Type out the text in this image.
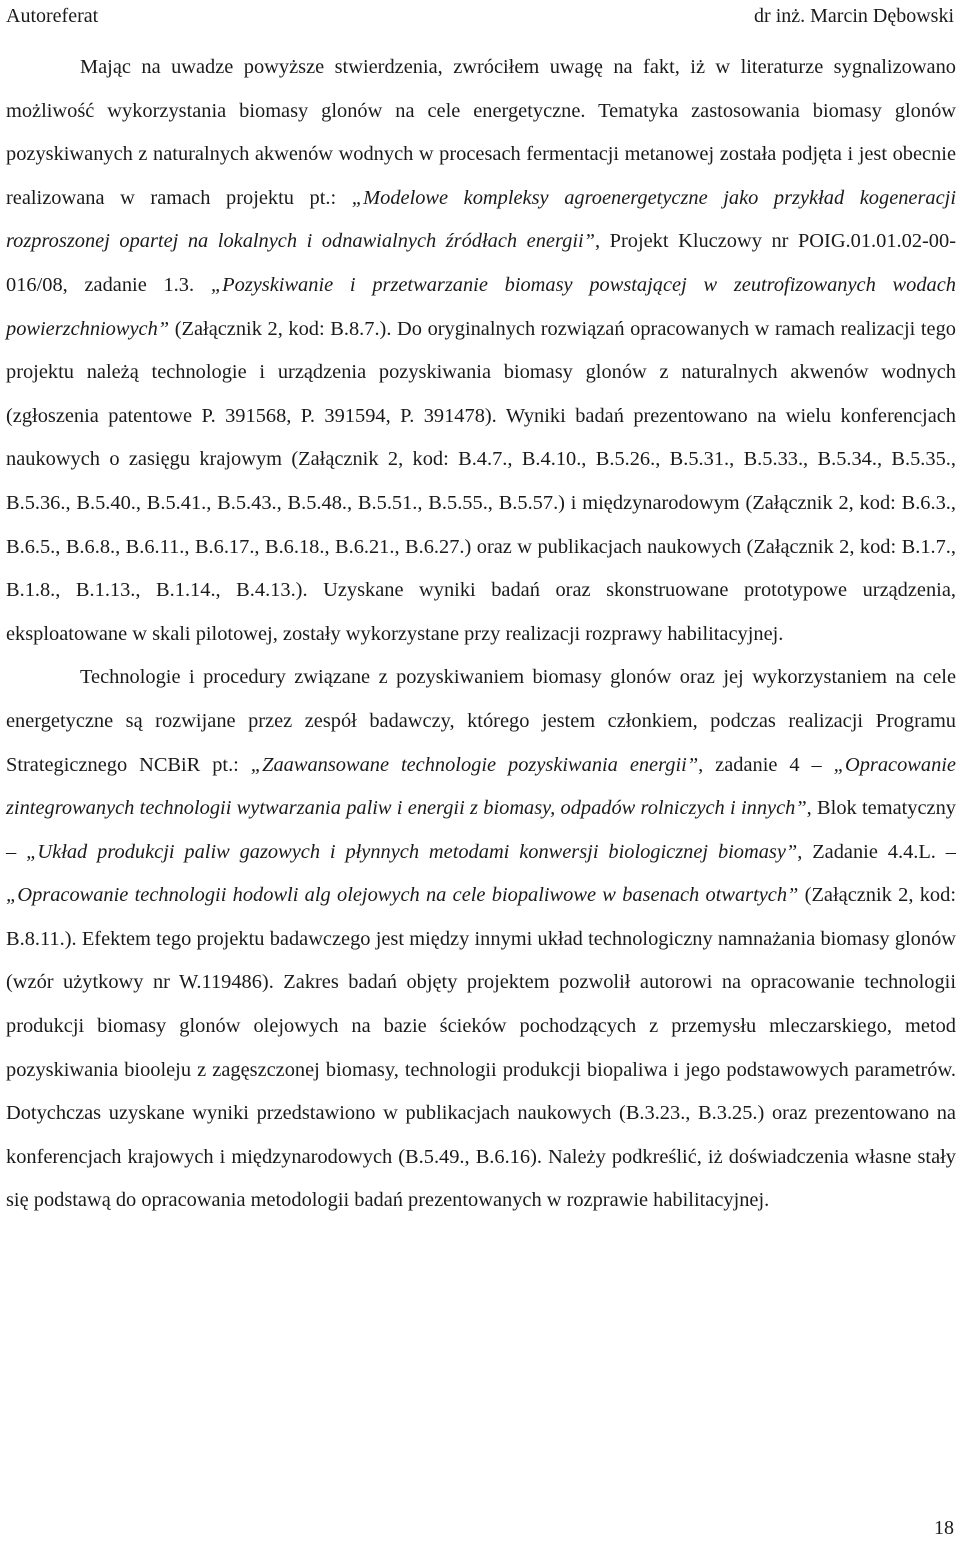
Autoreferat	dr inż. Marcin Dębowski

Mając na uwadze powyższe stwierdzenia, zwróciłem uwagę na fakt, iż w literaturze sygnalizowano możliwość wykorzystania biomasy glonów na cele energetyczne. Tematyka zastosowania biomasy glonów pozyskiwanych z naturalnych akwenów wodnych w procesach fermentacji metanowej została podjęta i jest obecnie realizowana w ramach projektu pt.: „Modelowe kompleksy agroenergetyczne jako przykład kogeneracji rozproszonej opartej na lokalnych i odnawialnych źródłach energii”, Projekt Kluczowy nr POIG.01.01.02-00-016/08, zadanie 1.3. „Pozyskiwanie i przetwarzanie biomasy powstającej w zeutrofizowanych wodach powierzchniowych” (Załącznik 2, kod: B.8.7.). Do oryginalnych rozwiązań opracowanych w ramach realizacji tego projektu należą technologie i urządzenia pozyskiwania biomasy glonów z naturalnych akwenów wodnych (zgłoszenia patentowe P. 391568, P. 391594, P. 391478). Wyniki badań prezentowano na wielu konferencjach naukowych o zasięgu krajowym (Załącznik 2, kod: B.4.7., B.4.10., B.5.26., B.5.31., B.5.33., B.5.34., B.5.35., B.5.36., B.5.40., B.5.41., B.5.43., B.5.48., B.5.51., B.5.55., B.5.57.) i międzynarodowym (Załącznik 2, kod: B.6.3., B.6.5., B.6.8., B.6.11., B.6.17., B.6.18., B.6.21., B.6.27.) oraz w publikacjach naukowych (Załącznik 2, kod: B.1.7., B.1.8., B.1.13., B.1.14., B.4.13.). Uzyskane wyniki badań oraz skonstruowane prototypowe urządzenia, eksploatowane w skali pilotowej, zostały wykorzystane przy realizacji rozprawy habilitacyjnej.

Technologie i procedury związane z pozyskiwaniem biomasy glonów oraz jej wykorzystaniem na cele energetyczne są rozwijane przez zespół badawczy, którego jestem członkiem, podczas realizacji Programu Strategicznego NCBiR pt.: „Zaawansowane technologie pozyskiwania energii”, zadanie 4 – „Opracowanie zintegrowanych technologii wytwarzania paliw i energii z biomasy, odpadów rolniczych i innych”, Blok tematyczny – „Układ produkcji paliw gazowych i płynnych metodami konwersji biologicznej biomasy”, Zadanie 4.4.L. – „Opracowanie technologii hodowli alg olejowych na cele biopaliwowe w basenach otwartych” (Załącznik 2, kod: B.8.11.). Efektem tego projektu badawczego jest między innymi układ technologiczny namnażania biomasy glonów (wzór użytkowy nr W.119486). Zakres badań objęty projektem pozwolił autorowi na opracowanie technologii produkcji biomasy glonów olejowych na bazie ścieków pochodzących z przemysłu mleczarskiego, metod pozyskiwania biooleju z zagęszczonej biomasy, technologii produkcji biopaliwa i jego podstawowych parametrów. Dotychczas uzyskane wyniki przedstawiono w publikacjach naukowych (B.3.23., B.3.25.) oraz prezentowano na konferencjach krajowych i międzynarodowych (B.5.49., B.6.16). Należy podkreślić, iż doświadczenia własne stały się podstawą do opracowania metodologii badań prezentowanych w rozprawie habilitacyjnej.

18
